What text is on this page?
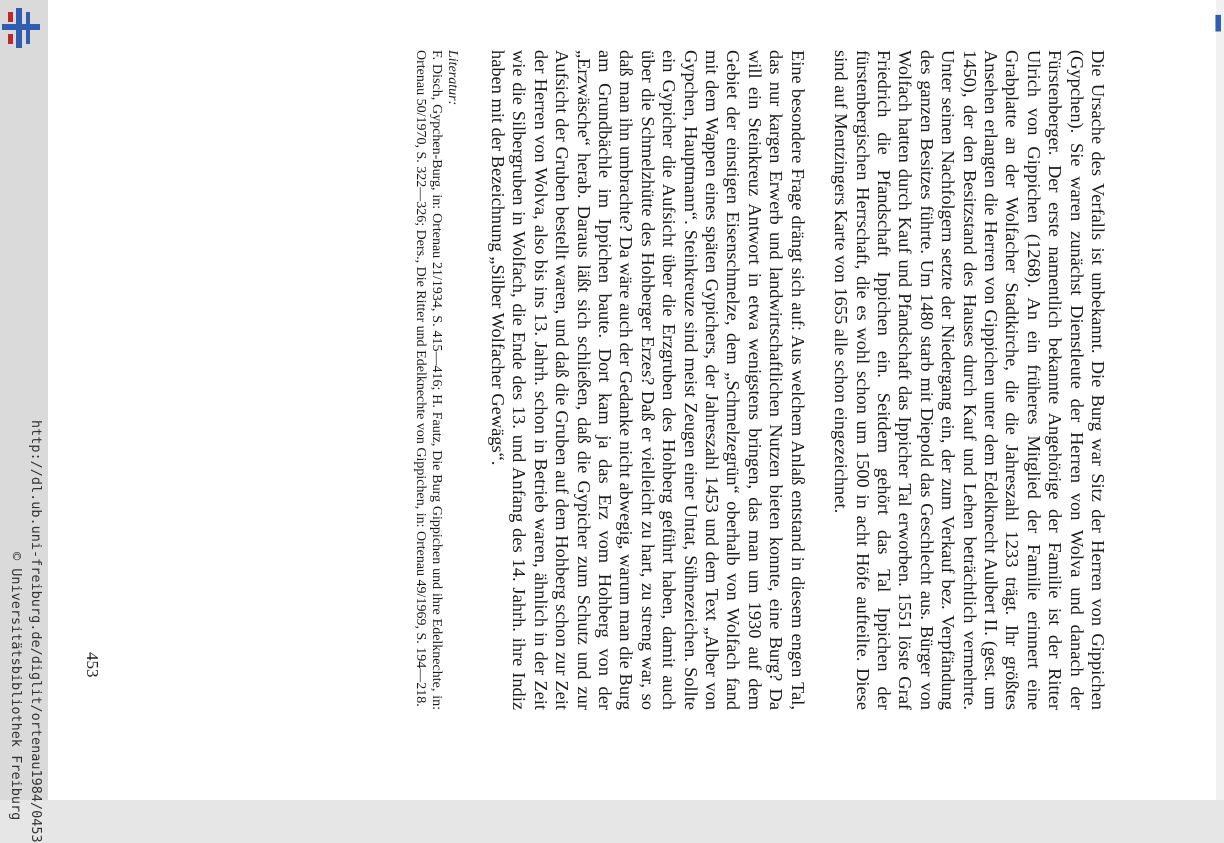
http://dl.ub.uni-freiburg.de/diglit/ortenau1984/0453
© Universitätsbibliothek Freiburg
▐

Die Ursache des Verfalls ist unbekannt. Die Burg war Sitz der Herren von Gippichen (Gypchen). Sie waren zunächst Dienstleute der Herren von Wolva und danach der Fürstenberger. Der erste namentlich bekannte Angehörige der Familie ist der Ritter Ulrich von Gippichen (1268). An ein früheres Mitglied der Familie erinnert eine Grabplatte an der Wolfacher Stadtkirche, die die Jahreszahl 1233 trägt. Ihr größtes Ansehen erlangten die Herren von Gippichen unter dem Edelknecht Aulbert II. (gest. um 1450), der den Besitzstand des Hauses durch Kauf und Lehen beträchtlich vermehrte. Unter seinen Nachfolgern setzte der Niedergang ein, der zum Verkauf bez. Verpfändung des ganzen Besitzes führte. Um 1480 starb mit Diepold das Geschlecht aus. Bürger von Wolfach hatten durch Kauf und Pfandschaft das Ippicher Tal erworben. 1551 löste Graf Friedrich die Pfandschaft Ippichen ein. Seitdem gehört das Tal Ippichen der fürstenbergischen Herrschaft, die es wohl schon um 1500 in acht Höfe aufteilte. Diese sind auf Mentzingers Karte von 1655 alle schon eingezeichnet.

Eine besondere Frage drängt sich auf: Aus welchem Anlaß entstand in diesem engen Tal, das nur kargen Erwerb und landwirtschaftlichen Nutzen bieten konnte, eine Burg? Da will ein Steinkreuz Antwort in etwa wenigstens bringen, das man um 1930 auf dem Gebiet der einstigen Eisenschmelze, dem „Schmelzegrün“ oberhalb von Wolfach fand mit dem Wappen eines späten Gypichers, der Jahreszahl 1453 und dem Text „Alber von Gypchen, Hauptmann“. Steinkreuze sind meist Zeugen einer Untat, Sühnezeichen. Sollte ein Gypicher die Aufsicht über die Erzgruben des Hohberg geführt haben, damit auch über die Schmelzhütte des Hohberger Erzes? Daß er vielleicht zu hart, zu streng war, so daß man ihn umbrachte? Da wäre auch der Gedanke nicht abwegig, warum man die Burg am Grundbächle im Ippichen baute. Dort kam ja das Erz vom Hohberg von der „Erzwäsche“ herab. Daraus läßt sich schließen, daß die Gypicher zum Schutz und zur Aufsicht der Gruben bestellt waren, und daß die Gruben auf dem Hohberg schon zur Zeit der Herren von Wolva, also bis ins 13. Jahrh. schon in Betrieb waren, ähnlich in der Zeit wie die Silbergruben in Wolfach, die Ende des 13. und Anfang des 14. Jahrh. ihre Indiz haben mit der Bezeichnung „Silber Wolfacher Gewägs“.

Literatur:

F. Disch, Gypchen-Burg, in: Ortenau 21/1934, S. 415—416; H. Fautz, Die Burg Gippichen und ihre Edelknechte, in: Ortenau 50/1970, S. 322—326; Ders., Die Ritter und Edelknechte von Gippichen, in: Ortenau 49/1969, S. 194—218.

453
